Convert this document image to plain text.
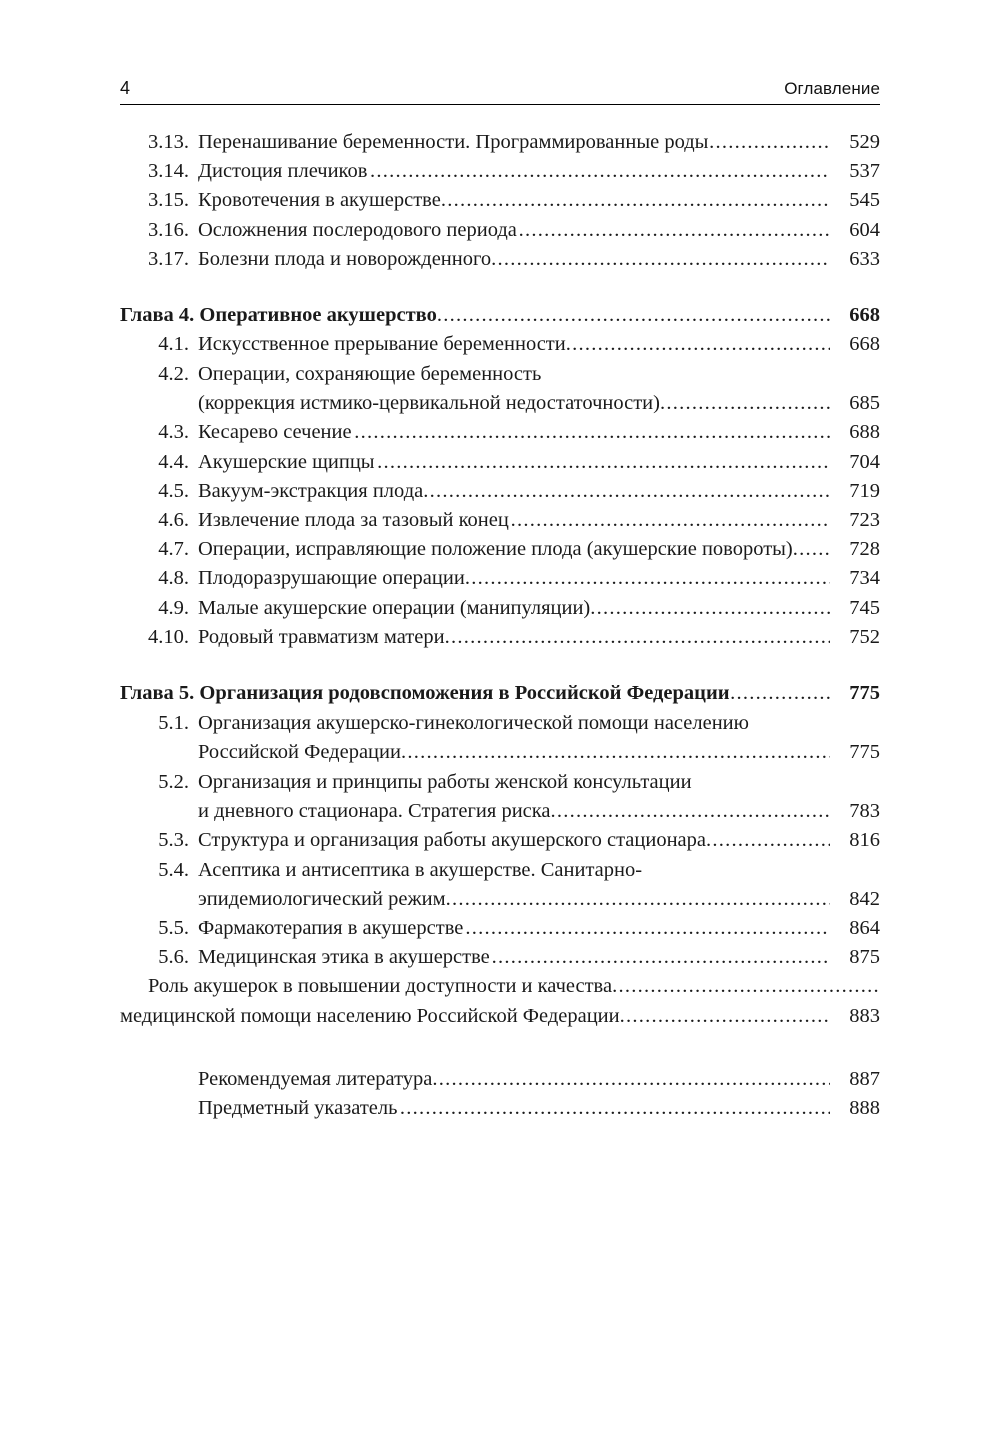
4	Оглавление
3.13. Перенашивание беременности. Программированные роды .....	529
3.14. Дистоция плечиков .....	537
3.15. Кровотечения в акушерстве .....	545
3.16. Осложнения послеродового периода .....	604
3.17. Болезни плода и новорожденного .....	633
Глава 4. Оперативное акушерство .....	668
4.1. Искусственное прерывание беременности .....	668
4.2. Операции, сохраняющие беременность
(коррекция истмико-цервикальной недостаточности) .....	685
4.3. Кесарево сечение .....	688
4.4. Акушерские щипцы .....	704
4.5. Вакуум-экстракция плода .....	719
4.6. Извлечение плода за тазовый конец .....	723
4.7. Операции, исправляющие положение плода (акушерские повороты) .....	728
4.8. Плодоразрушающие операции .....	734
4.9. Малые акушерские операции (манипуляции) .....	745
4.10. Родовый травматизм матери .....	752
Глава 5. Организация родовспоможения в Российской Федерации .....	775
5.1. Организация акушерско-гинекологической помощи населению
Российской Федерации .....	775
5.2. Организация и принципы работы женской консультации
и дневного стационара. Стратегия риска .....	783
5.3. Структура и организация работы акушерского стационара .....	816
5.4. Асептика и антисептика в акушерстве. Санитарно-
эпидемиологический режим .....	842
5.5. Фармакотерапия в акушерстве .....	864
5.6. Медицинская этика в акушерстве .....	875
Роль акушерок в повышении доступности и качества
.....
медицинской помощи населению Российской Федерации .....	883
Рекомендуемая литература .....	887
Предметный указатель .....	888
